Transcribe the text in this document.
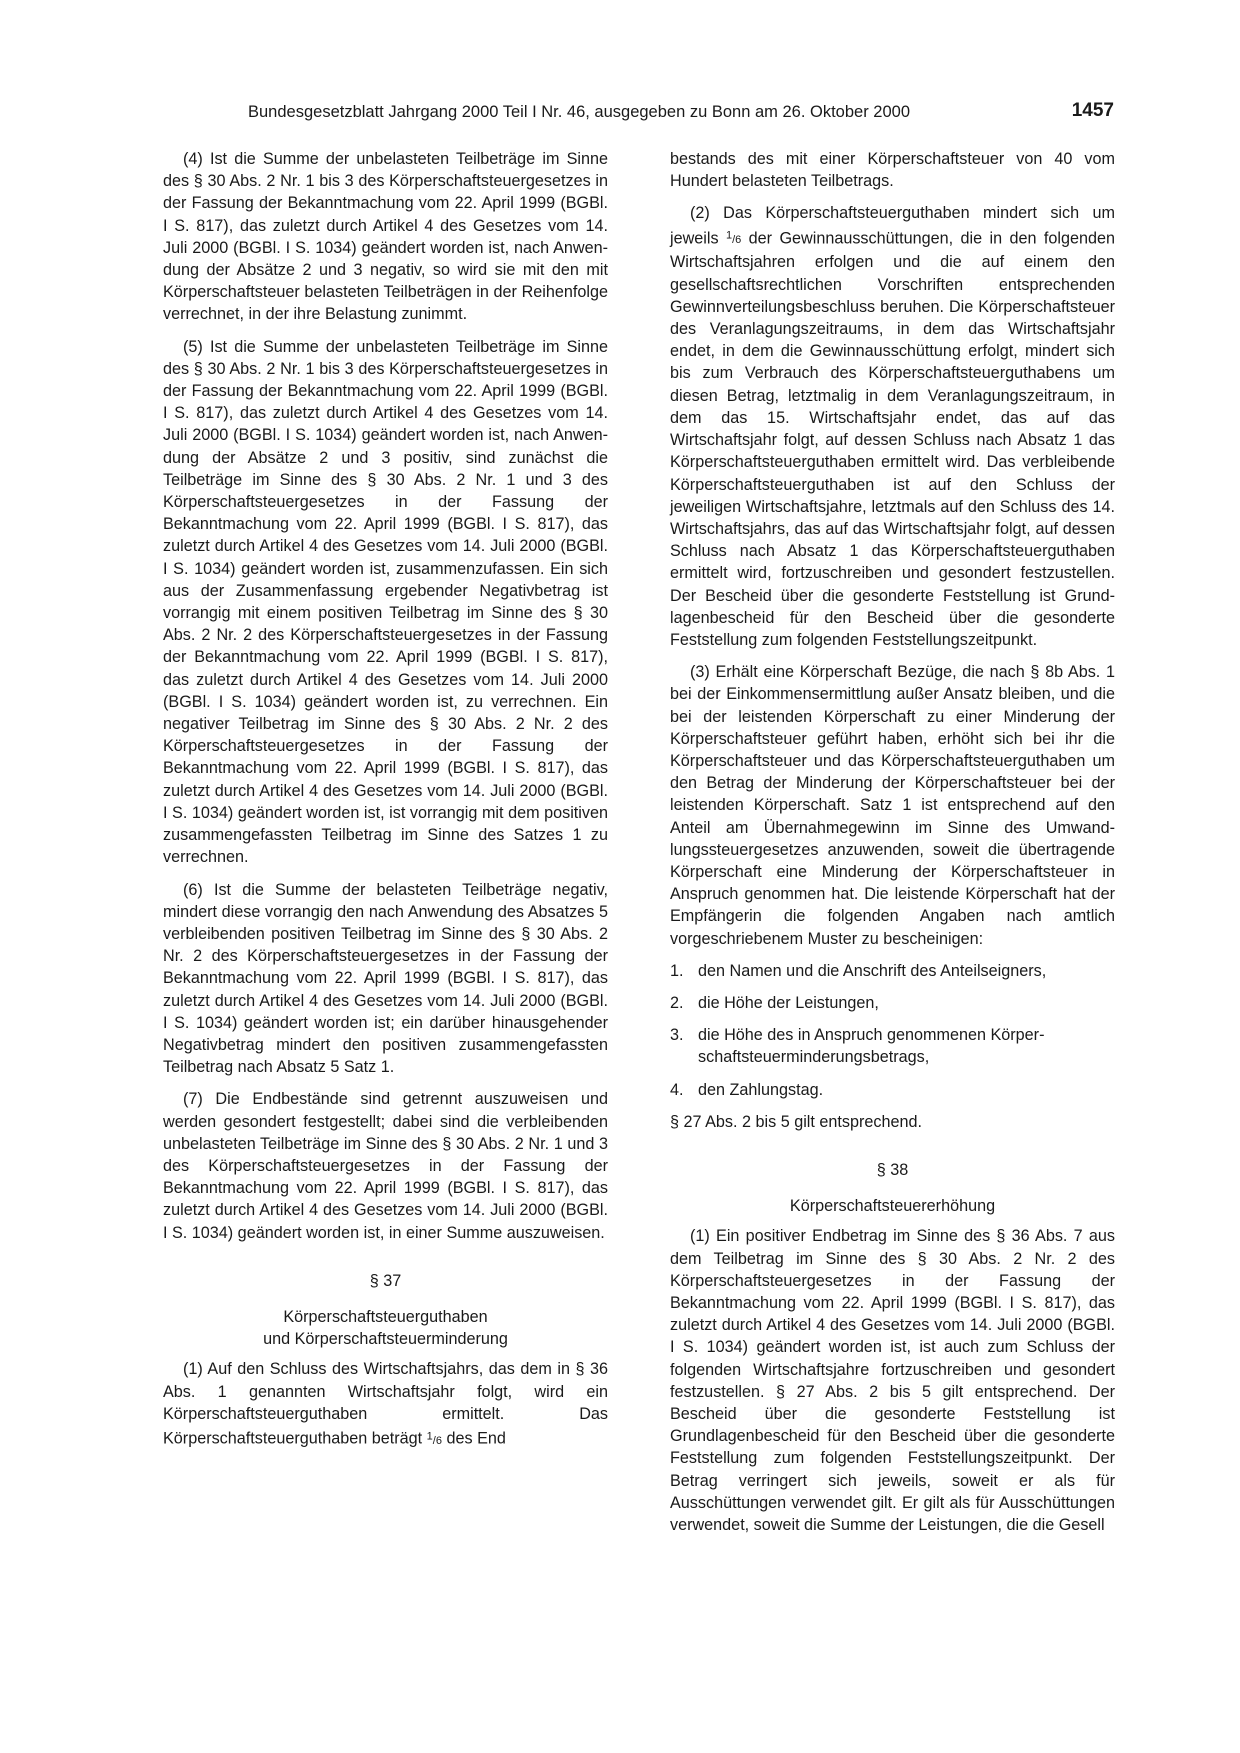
Bundesgesetzblatt Jahrgang 2000 Teil I Nr. 46, ausgegeben zu Bonn am 26. Oktober 2000	1457

(4) Ist die Summe der unbelasteten Teilbeträge im Sinne des § 30 Abs. 2 Nr. 1 bis 3 des Körperschaftsteuergesetzes in der Fassung der Bekanntmachung vom 22. April 1999 (BGBl. I S. 817), das zuletzt durch Artikel 4 des Gesetzes vom 14. Juli 2000 (BGBl. I S. 1034) geändert worden ist, nach Anwendung der Absätze 2 und 3 negativ, so wird sie mit den mit Körperschaftsteuer belasteten Teilbeträgen in der Reihenfolge verrechnet, in der ihre Belastung zunimmt.

(5) Ist die Summe der unbelasteten Teilbeträge im Sinne des § 30 Abs. 2 Nr. 1 bis 3 des Körperschaftsteuergesetzes in der Fassung der Bekanntmachung vom 22. April 1999 (BGBl. I S. 817), das zuletzt durch Artikel 4 des Gesetzes vom 14. Juli 2000 (BGBl. I S. 1034) geändert worden ist, nach Anwendung der Absätze 2 und 3 positiv, sind zunächst die Teilbeträge im Sinne des § 30 Abs. 2 Nr. 1 und 3 des Körperschaftsteuergesetzes in der Fassung der Bekanntmachung vom 22. April 1999 (BGBl. I S. 817), das zuletzt durch Artikel 4 des Gesetzes vom 14. Juli 2000 (BGBl. I S. 1034) geändert worden ist, zusammenzufassen. Ein sich aus der Zusammenfassung ergebender Negativbetrag ist vorrangig mit einem positiven Teilbetrag im Sinne des § 30 Abs. 2 Nr. 2 des Körperschaftsteuergesetzes in der Fassung der Bekanntmachung vom 22. April 1999 (BGBl. I S. 817), das zuletzt durch Artikel 4 des Gesetzes vom 14. Juli 2000 (BGBl. I S. 1034) geändert worden ist, zu verrechnen. Ein negativer Teilbetrag im Sinne des § 30 Abs. 2 Nr. 2 des Körperschaftsteuergesetzes in der Fassung der Bekanntmachung vom 22. April 1999 (BGBl. I S. 817), das zuletzt durch Artikel 4 des Gesetzes vom 14. Juli 2000 (BGBl. I S. 1034) geändert worden ist, ist vorrangig mit dem positiven zusammengefassten Teilbetrag im Sinne des Satzes 1 zu verrechnen.

(6) Ist die Summe der belasteten Teilbeträge negativ, mindert diese vorrangig den nach Anwendung des Absatzes 5 verbleibenden positiven Teilbetrag im Sinne des § 30 Abs. 2 Nr. 2 des Körperschaftsteuergesetzes in der Fassung der Bekanntmachung vom 22. April 1999 (BGBl. I S. 817), das zuletzt durch Artikel 4 des Gesetzes vom 14. Juli 2000 (BGBl. I S. 1034) geändert worden ist; ein darüber hinausgehender Negativbetrag mindert den positiven zusammengefassten Teilbetrag nach Absatz 5 Satz 1.

(7) Die Endbestände sind getrennt auszuweisen und werden gesondert festgestellt; dabei sind die verbleibenden unbelasteten Teilbeträge im Sinne des § 30 Abs. 2 Nr. 1 und 3 des Körperschaftsteuergesetzes in der Fassung der Bekanntmachung vom 22. April 1999 (BGBl. I S. 817), das zuletzt durch Artikel 4 des Gesetzes vom 14. Juli 2000 (BGBl. I S. 1034) geändert worden ist, in einer Summe auszuweisen.

§ 37
Körperschaftsteuerguthaben
und Körperschaftsteuerminderung

(1) Auf den Schluss des Wirtschaftsjahrs, das dem in § 36 Abs. 1 genannten Wirtschaftsjahr folgt, wird ein Körperschaftsteuerguthaben ermittelt. Das Körperschaftsteuerguthaben beträgt $^1$/6 des End

bestands des mit einer Körperschaftsteuer von 40 vom Hundert belasteten Teilbetrags.

(2) Das Körperschaftsteuerguthaben mindert sich um jeweils $^1$/6 der Gewinnausschüttungen, die in den folgenden Wirtschaftsjahren erfolgen und die auf einem den gesellschaftsrechtlichen Vorschriften entsprechenden Gewinnverteilungsbeschluss beruhen. Die Körperschaftsteuer des Veranlagungszeitraums, in dem das Wirtschaftsjahr endet, in dem die Gewinnausschüttung erfolgt, mindert sich bis zum Verbrauch des Körperschaftsteuerguthabens um diesen Betrag, letztmalig in dem Veranlagungszeitraum, in dem das 15. Wirtschaftsjahr endet, das auf das Wirtschaftsjahr folgt, auf dessen Schluss nach Absatz 1 das Körperschaftsteuerguthaben ermittelt wird. Das verbleibende Körperschaftsteuerguthaben ist auf den Schluss der jeweiligen Wirtschaftsjahre, letztmals auf den Schluss des 14. Wirtschaftsjahrs, das auf das Wirtschaftsjahr folgt, auf dessen Schluss nach Absatz 1 das Körperschaftsteuerguthaben ermittelt wird, fortzuschreiben und gesondert festzustellen. Der Bescheid über die gesonderte Feststellung ist Grundlagenbescheid für den Bescheid über die gesonderte Feststellung zum folgenden Feststellungszeitpunkt.

(3) Erhält eine Körperschaft Bezüge, die nach § 8b Abs. 1 bei der Einkommensermittlung außer Ansatz bleiben, und die bei der leistenden Körperschaft zu einer Minderung der Körperschaftsteuer geführt haben, erhöht sich bei ihr die Körperschaftsteuer und das Körperschaftsteuerguthaben um den Betrag der Minderung der Körperschaftsteuer bei der leistenden Körperschaft. Satz 1 ist entsprechend auf den Anteil am Übernahmegewinn im Sinne des Umwandlungssteuergesetzes anzuwenden, soweit die übertragende Körperschaft eine Minderung der Körperschaftsteuer in Anspruch genommen hat. Die leistende Körperschaft hat der Empfängerin die folgenden Angaben nach amtlich vorgeschriebenem Muster zu bescheinigen:

1. den Namen und die Anschrift des Anteilseigners,
2. die Höhe der Leistungen,
3. die Höhe des in Anspruch genommenen Körperschaftsteuerminderungsbetrags,
4. den Zahlungstag.

§ 27 Abs. 2 bis 5 gilt entsprechend.

§ 38
Körperschaftsteuererhöhung

(1) Ein positiver Endbetrag im Sinne des § 36 Abs. 7 aus dem Teilbetrag im Sinne des § 30 Abs. 2 Nr. 2 des Körperschaftsteuergesetzes in der Fassung der Bekanntmachung vom 22. April 1999 (BGBl. I S. 817), das zuletzt durch Artikel 4 des Gesetzes vom 14. Juli 2000 (BGBl. I S. 1034) geändert worden ist, ist auch zum Schluss der folgenden Wirtschaftsjahre fortzuschreiben und gesondert festzustellen. § 27 Abs. 2 bis 5 gilt entsprechend. Der Bescheid über die gesonderte Feststellung ist Grundlagenbescheid für den Bescheid über die gesonderte Feststellung zum folgenden Feststellungszeitpunkt. Der Betrag verringert sich jeweils, soweit er als für Ausschüttungen verwendet gilt. Er gilt als für Ausschüttungen verwendet, soweit die Summe der Leistungen, die die Gesell
